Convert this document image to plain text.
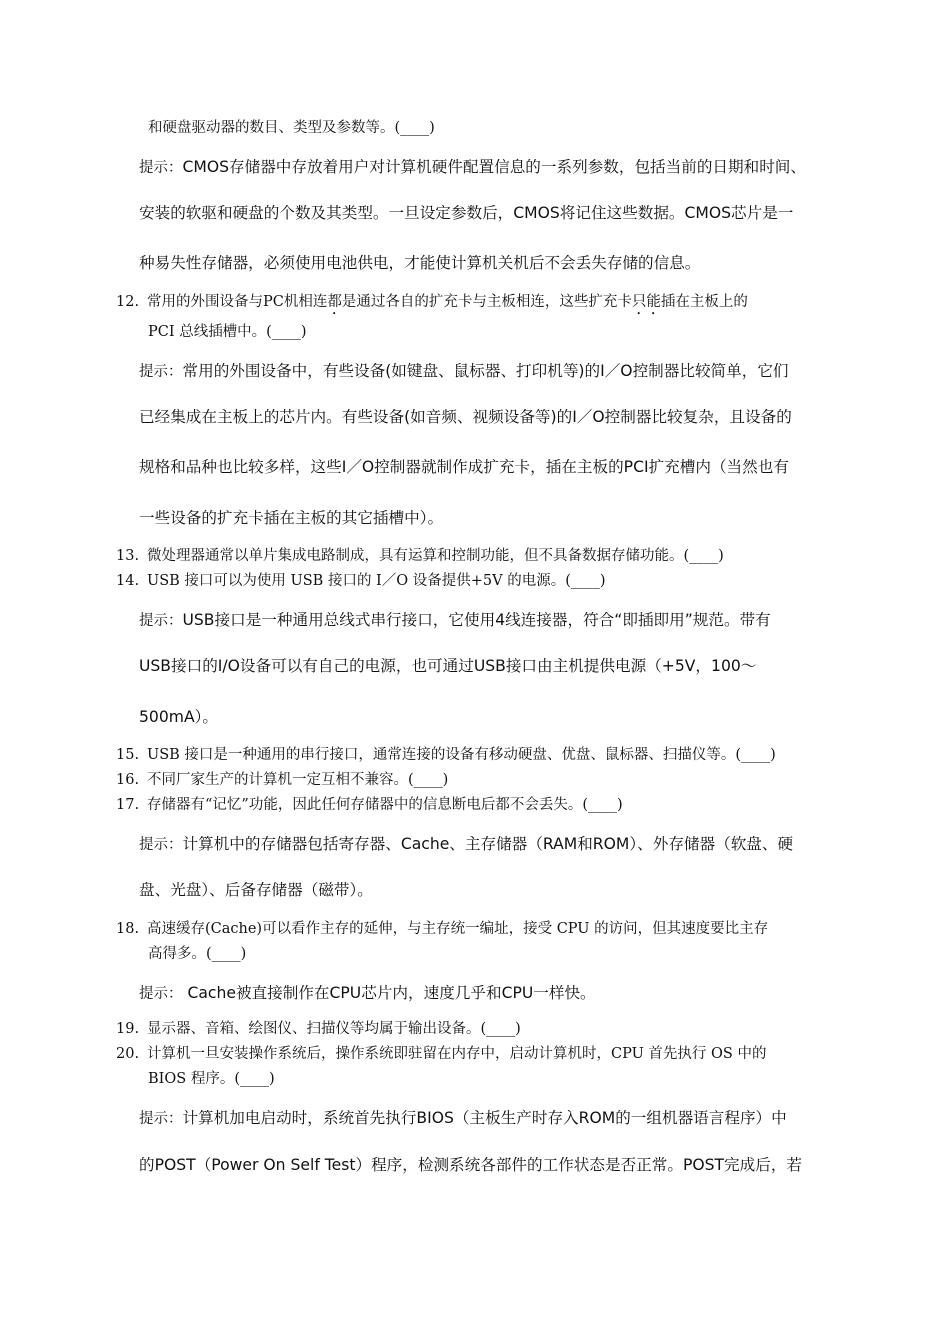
和硬盘驱动器的数目、类型及参数等。(____)
提示：CMOS存储器中存放着用户对计算机硬件配置信息的一系列参数，包括当前的日期和时间、
安装的软驱和硬盘的个数及其类型。一旦设定参数后，CMOS将记住这些数据。CMOS芯片是一
种易失性存储器，必须使用电池供电，才能使计算机关机后不会丢失存储的信息。
12. 常用的外围设备与PC机相连都是通过各自的扩充卡与主板相连，这些扩充卡只能插在主板上的
PCI 总线插槽中。(____)
提示：常用的外围设备中，有些设备(如键盘、鼠标器、打印机等)的I／O控制器比较简单，它们
已经集成在主板上的芯片内。有些设备(如音频、视频设备等)的I／O控制器比较复杂，且设备的
规格和品种也比较多样，这些I／O控制器就制作成扩充卡，插在主板的PCI扩充槽内（当然也有
一些设备的扩充卡插在主板的其它插槽中）。
13. 微处理器通常以单片集成电路制成，具有运算和控制功能，但不具备数据存储功能。(____)
14. USB 接口可以为使用 USB 接口的 I／O 设备提供+5V 的电源。(____)
提示：USB接口是一种通用总线式串行接口，它使用4线连接器，符合“即插即用”规范。带有
USB接口的I/O设备可以有自己的电源，也可通过USB接口由主机提供电源（+5V，100～
500mA）。
15. USB 接口是一种通用的串行接口，通常连接的设备有移动硬盘、优盘、鼠标器、扫描仪等。(____)
16. 不同厂家生产的计算机一定互相不兼容。(____)
17. 存储器有“记忆”功能，因此任何存储器中的信息断电后都不会丢失。(____)
提示：计算机中的存储器包括寄存器、Cache、主存储器（RAM和ROM）、外存储器（软盘、硬
盘、光盘）、后备存储器（磁带）。
18. 高速缓存(Cache)可以看作主存的延伸，与主存统一编址，接受 CPU 的访问，但其速度要比主存
高得多。(____)
提示： Cache被直接制作在CPU芯片内，速度几乎和CPU一样快。
19. 显示器、音箱、绘图仪、扫描仪等均属于输出设备。(____)
20. 计算机一旦安装操作系统后，操作系统即驻留在内存中，启动计算机时，CPU 首先执行 OS 中的
BIOS 程序。(____)
提示：计算机加电启动时，系统首先执行BIOS（主板生产时存入ROM的一组机器语言程序）中
的POST（Power On Self Test）程序，检测系统各部件的工作状态是否正常。POST完成后，若
